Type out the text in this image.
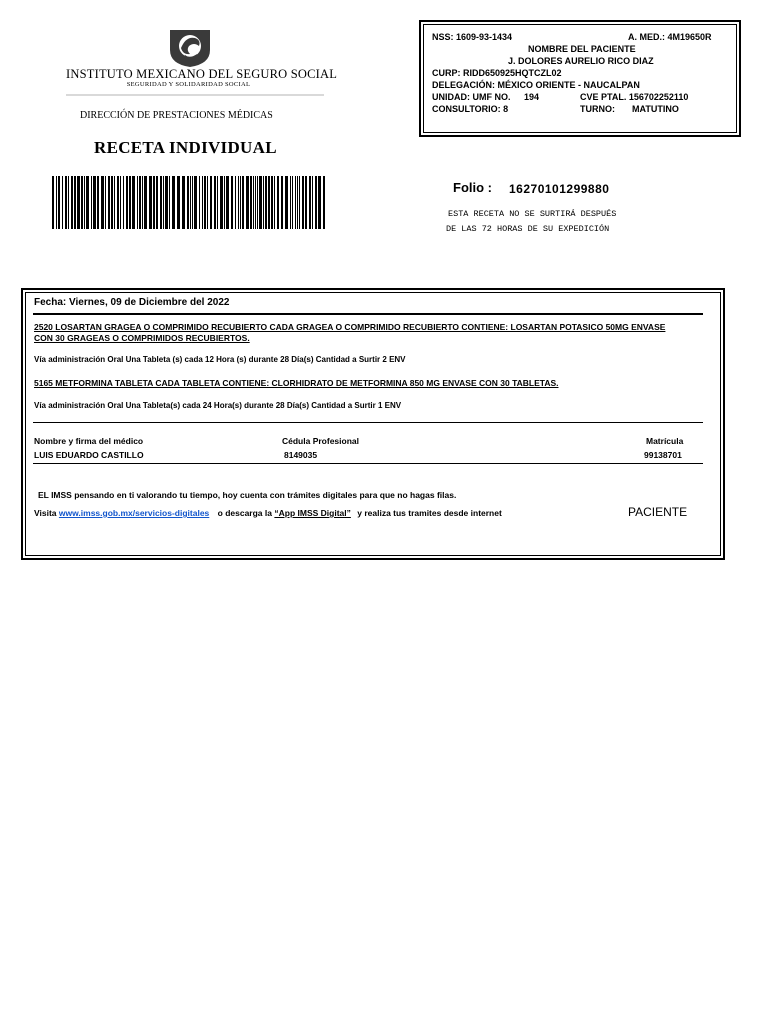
INSTITUTO MEXICANO DEL SEGURO SOCIAL
SEGURIDAD Y SOLIDARIDAD SOCIAL
DIRECCIÓN DE PRESTACIONES MÉDICAS
RECETA INDIVIDUAL
NSS: 1609-93-1434	A. MED.: 4M19650R
NOMBRE DEL PACIENTE
J. DOLORES AURELIO RICO DIAZ
CURP: RIDD650925HQTCZL02
DELEGACIÓN: MÉXICO ORIENTE - NAUCALPAN
UNIDAD: UMF NO. 194	CVE PTAL. 156702252110
CONSULTORIO: 8	TURNO: MATUTINO
Folio : 16270101299880
ESTA RECETA NO SE SURTIRÁ DESPUÉS
DE LAS 72 HORAS DE SU EXPEDICIÓN
Fecha: Viernes, 09 de Diciembre del 2022
2520 LOSARTAN GRAGEA O COMPRIMIDO RECUBIERTO CADA GRAGEA O COMPRIMIDO RECUBIERTO CONTIENE: LOSARTAN POTASICO 50MG ENVASE
CON 30 GRAGEAS O COMPRIMIDOS RECUBIERTOS.
Vía administración Oral Una Tableta (s) cada 12 Hora (s) durante 28 Día(s) Cantidad a Surtir 2 ENV
5165 METFORMINA TABLETA CADA TABLETA CONTIENE: CLORHIDRATO DE METFORMINA 850 MG ENVASE CON 30 TABLETAS.
Vía administración Oral Una Tableta(s) cada 24 Hora(s) durante 28 Día(s) Cantidad a Surtir 1 ENV
Nombre y firma del médico	Cédula Profesional	Matrícula
LUIS EDUARDO CASTILLO	8149035	99138701
EL IMSS pensando en ti valorando tu tiempo, hoy cuenta con trámites digitales para que no hagas filas.
Visita www.imss.gob.mx/servicios-digitales o descarga la “App IMSS Digital” y realiza tus tramites desde internet	PACIENTE
